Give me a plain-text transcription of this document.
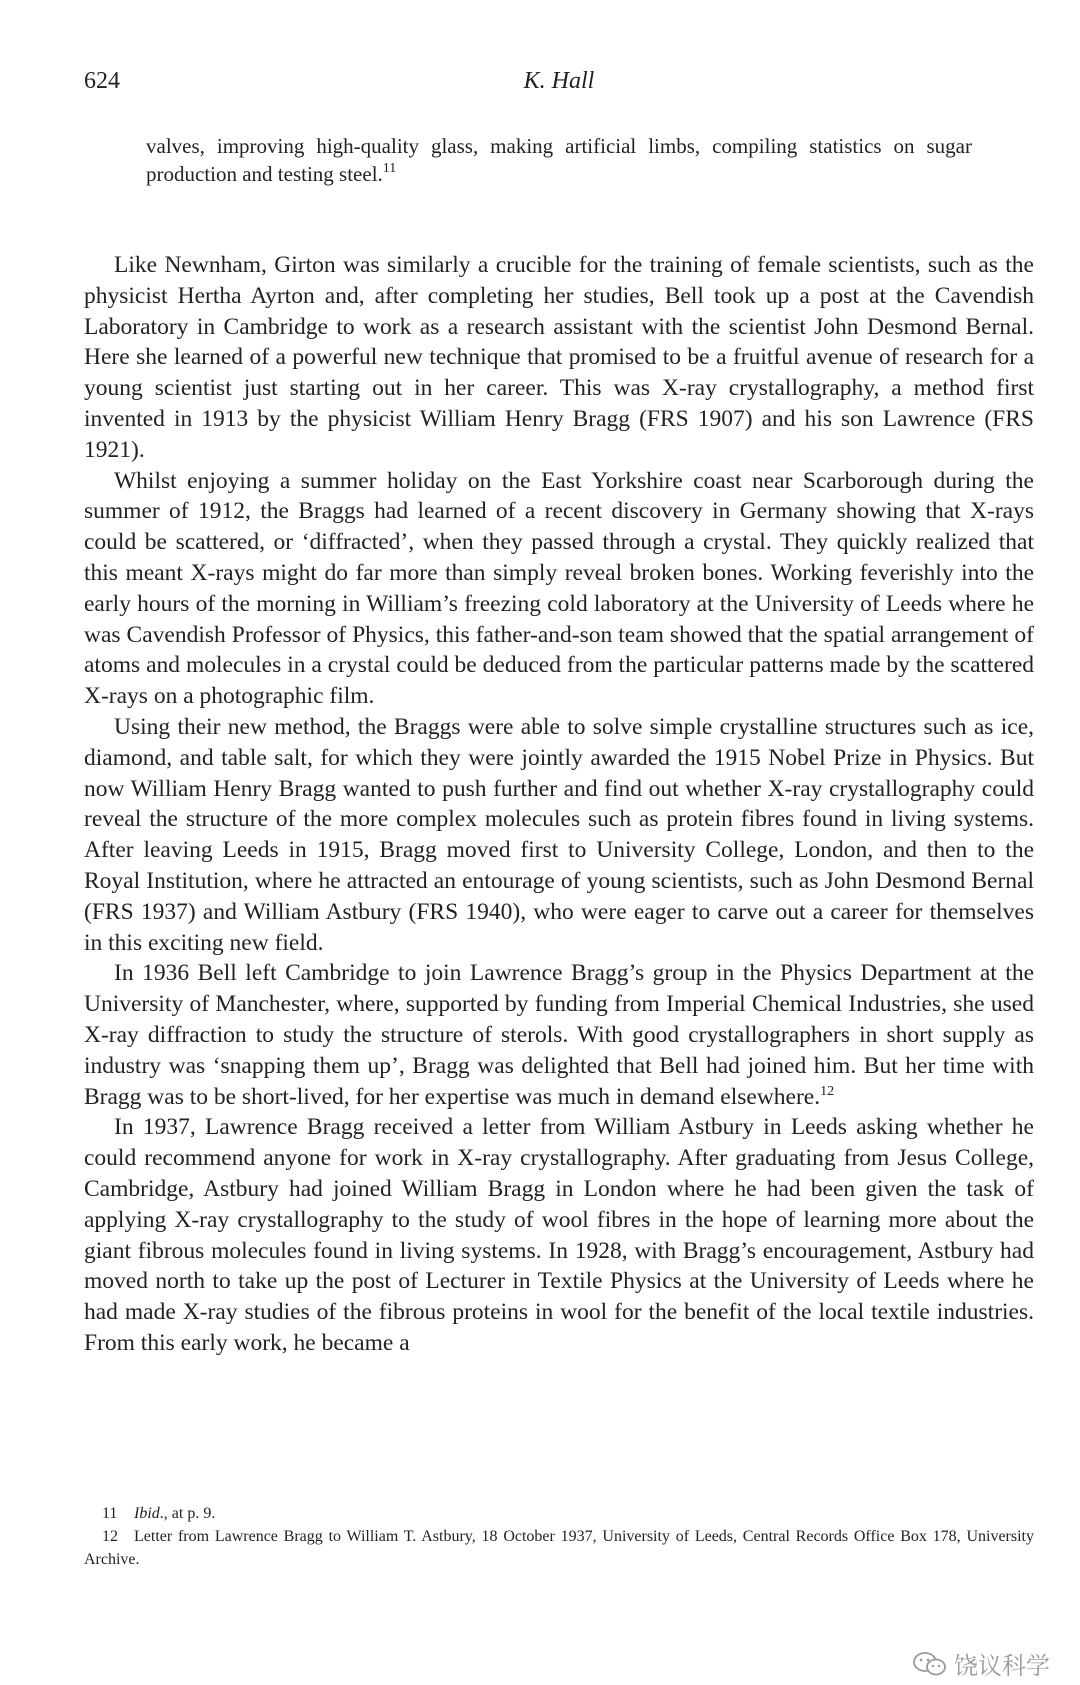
624	K. Hall
valves, improving high-quality glass, making artificial limbs, compiling statistics on sugar production and testing steel.$^{11}$

Like Newnham, Girton was similarly a crucible for the training of female scientists, such as the physicist Hertha Ayrton and, after completing her studies, Bell took up a post at the Cavendish Laboratory in Cambridge to work as a research assistant with the scientist John Desmond Bernal. Here she learned of a powerful new technique that promised to be a fruitful avenue of research for a young scientist just starting out in her career. This was X-ray crystallography, a method first invented in 1913 by the physicist William Henry Bragg (FRS 1907) and his son Lawrence (FRS 1921).

Whilst enjoying a summer holiday on the East Yorkshire coast near Scarborough during the summer of 1912, the Braggs had learned of a recent discovery in Germany showing that X-rays could be scattered, or ‘diffracted’, when they passed through a crystal. They quickly realized that this meant X-rays might do far more than simply reveal broken bones. Working feverishly into the early hours of the morning in William’s freezing cold laboratory at the University of Leeds where he was Cavendish Professor of Physics, this father-and-son team showed that the spatial arrangement of atoms and molecules in a crystal could be deduced from the particular patterns made by the scattered X-rays on a photographic film.

Using their new method, the Braggs were able to solve simple crystalline structures such as ice, diamond, and table salt, for which they were jointly awarded the 1915 Nobel Prize in Physics. But now William Henry Bragg wanted to push further and find out whether X-ray crystallography could reveal the structure of the more complex molecules such as protein fibres found in living systems. After leaving Leeds in 1915, Bragg moved first to University College, London, and then to the Royal Institution, where he attracted an entourage of young scientists, such as John Desmond Bernal (FRS 1937) and William Astbury (FRS 1940), who were eager to carve out a career for themselves in this exciting new field.

In 1936 Bell left Cambridge to join Lawrence Bragg’s group in the Physics Department at the University of Manchester, where, supported by funding from Imperial Chemical Industries, she used X-ray diffraction to study the structure of sterols. With good crystallographers in short supply as industry was ‘snapping them up’, Bragg was delighted that Bell had joined him. But her time with Bragg was to be short-lived, for her expertise was much in demand elsewhere.$^{12}$

In 1937, Lawrence Bragg received a letter from William Astbury in Leeds asking whether he could recommend anyone for work in X-ray crystallography. After graduating from Jesus College, Cambridge, Astbury had joined William Bragg in London where he had been given the task of applying X-ray crystallography to the study of wool fibres in the hope of learning more about the giant fibrous molecules found in living systems. In 1928, with Bragg’s encouragement, Astbury had moved north to take up the post of Lecturer in Textile Physics at the University of Leeds where he had made X-ray studies of the fibrous proteins in wool for the benefit of the local textile industries. From this early work, he became a

11 Ibid., at p. 9.

12 Letter from Lawrence Bragg to William T. Astbury, 18 October 1937, University of Leeds, Central Records Office Box 178, University Archive.

饶议科学
